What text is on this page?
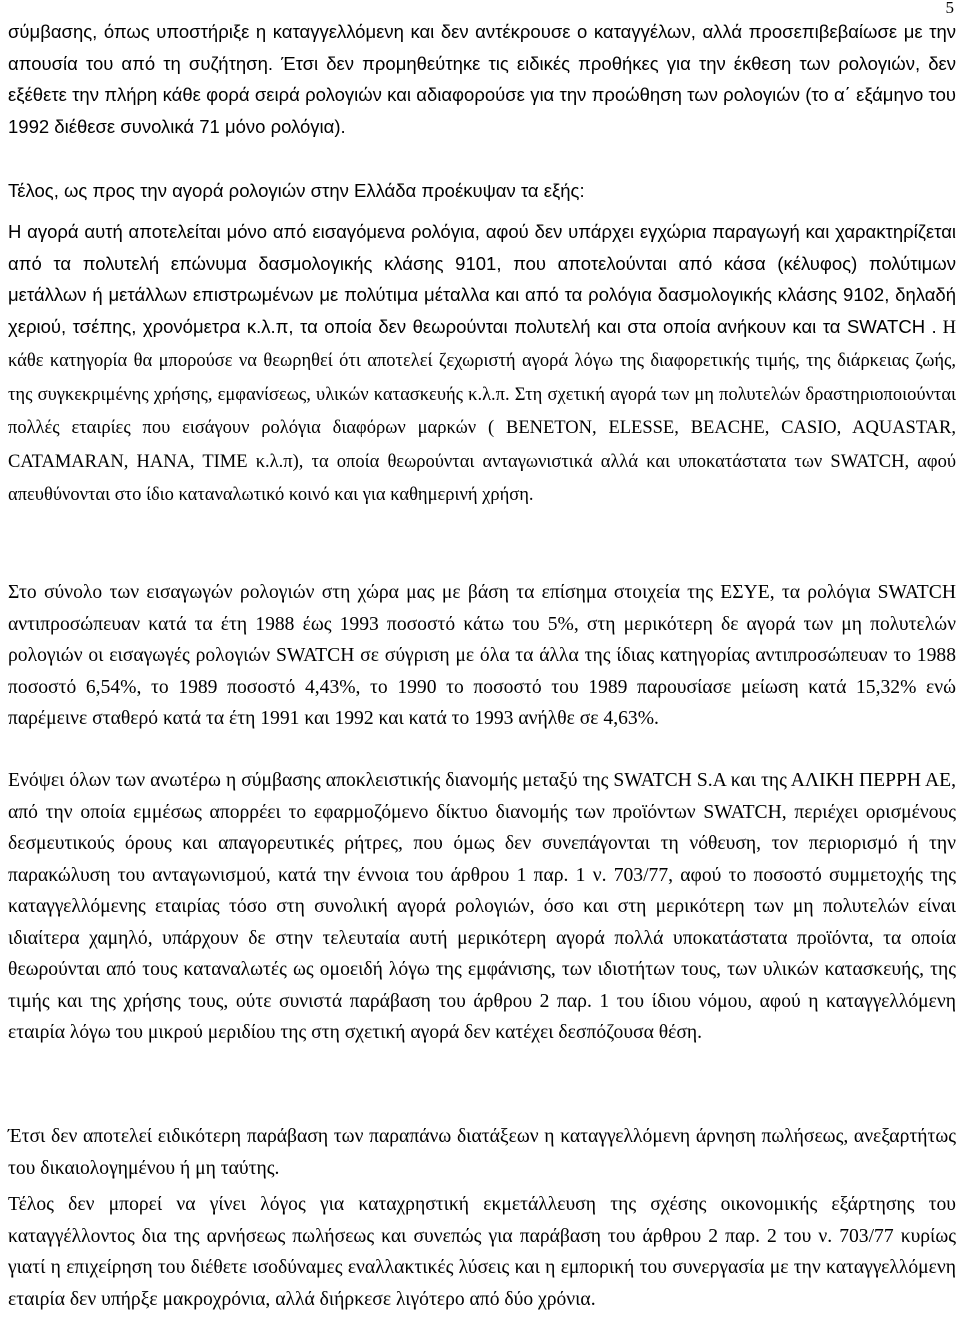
5

σύμβασης, όπως υποστήριξε η καταγγελλόμενη και δεν αντέκρουσε ο καταγγέλων, αλλά προσεπιβεβαίωσε με την απουσία του από τη συζήτηση. Έτσι δεν προμηθεύτηκε τις ειδικές προθήκες για την έκθεση των ρολογιών, δεν εξέθετε την πλήρη κάθε φορά σειρά ρολογιών και αδιαφορούσε για την προώθηση των ρολογιών (το α΄ εξάμηνο του 1992 διέθεσε συνολικά 71 μόνο ρολόγια).

Τέλος, ως προς την αγορά ρολογιών στην Ελλάδα προέκυψαν τα εξής:

Η αγορά αυτή αποτελείται μόνο από εισαγόμενα ρολόγια, αφού δεν υπάρχει εγχώρια παραγωγή και χαρακτηρίζεται από τα πολυτελή επώνυμα δασμολογικής κλάσης 9101, που αποτελούνται από κάσα (κέλυφος) πολύτιμων μετάλλων ή μετάλλων επιστρωμένων με πολύτιμα μέταλλα και από τα ρολόγια δασμολογικής κλάσης 9102, δηλαδή χεριού, τσέπης, χρονόμετρα κ.λ.π, τα οποία δεν θεωρούνται πολυτελή και στα οποία ανήκουν και τα SWATCH . Η κάθε κατηγορία θα μπορούσε να θεωρηθεί ότι αποτελεί ζεχωριστή αγορά λόγω της διαφορετικής τιμής, της διάρκειας ζωής, της συγκεκριμένης χρήσης, εμφανίσεως, υλικών κατασκευής κ.λ.π. Στη σχετική αγορά των μη πολυτελών δραστηριοποιούνται πολλές εταιρίες που εισάγουν ρολόγια διαφόρων μαρκών ( BENETON, ELESSE, BEACHE, CASIO, AQUASTAR, CATAMARAN, HANA, TIME κ.λ.π), τα οποία θεωρούνται ανταγωνιστικά αλλά και υποκατάστατα των SWATCH, αφού απευθύνονται στο ίδιο καταναλωτικό κοινό και για καθημερινή χρήση.

Στο σύνολο των εισαγωγών ρολογιών στη χώρα μας με βάση τα επίσημα στοιχεία της ΕΣΥΕ, τα ρολόγια SWATCH αντιπροσώπευαν κατά τα έτη 1988 έως 1993 ποσοστό κάτω του 5%, στη μερικότερη δε αγορά των μη πολυτελών ρολογιών οι εισαγωγές ρολογιών SWATCH σε σύγριση με όλα τα άλλα της ίδιας κατηγορίας αντιπροσώπευαν το 1988 ποσοστό 6,54%, το 1989 ποσοστό 4,43%, το 1990 το ποσοστό του 1989 παρουσίασε μείωση κατά 15,32% ενώ παρέμεινε σταθερό κατά τα έτη 1991 και 1992 και κατά το 1993 ανήλθε σε 4,63%.

Ενόψει όλων των ανωτέρω η σύμβασης αποκλειστικής διανομής μεταξύ της SWATCH S.A και της ΑΛΙΚΗ ΠΕΡΡΗ ΑΕ, από την οποία εμμέσως απορρέει το εφαρμοζόμενο δίκτυο διανομής των προϊόντων SWATCH, περιέχει ορισμένους δεσμευτικούς όρους και απαγορευτικές ρήτρες, που όμως δεν συνεπάγονται τη νόθευση, τον περιορισμό ή την παρακώλυση του ανταγωνισμού, κατά την έννοια του άρθρου 1 παρ. 1 ν. 703/77, αφού το ποσοστό συμμετοχής της καταγγελλόμενης εταιρίας τόσο στη συνολική αγορά ρολογιών, όσο και στη μερικότερη των μη πολυτελών είναι ιδιαίτερα χαμηλό, υπάρχουν δε στην τελευταία αυτή μερικότερη αγορά πολλά υποκατάστατα προϊόντα, τα οποία θεωρούνται από τους καταναλωτές ως ομοειδή λόγω της εμφάνισης, των ιδιοτήτων τους, των υλικών κατασκευής, της τιμής και της χρήσης τους, ούτε συνιστά παράβαση του άρθρου 2 παρ. 1 του ίδιου νόμου, αφού η καταγγελλόμενη εταιρία λόγω του μικρού μεριδίου της στη σχετική αγορά δεν κατέχει δεσπόζουσα θέση.

Έτσι δεν αποτελεί ειδικότερη παράβαση των παραπάνω διατάξεων η καταγγελλόμενη άρνηση πωλήσεως, ανεξαρτήτως του δικαιολογημένου ή μη ταύτης.

Τέλος δεν μπορεί να γίνει λόγος για καταχρηστική εκμετάλλευση της σχέσης οικονομικής εξάρτησης του καταγγέλλοντος δια της αρνήσεως πωλήσεως και συνεπώς για παράβαση του άρθρου 2 παρ. 2 του ν. 703/77 κυρίως γιατί η επιχείρηση του διέθετε ισοδύναμες εναλλακτικές λύσεις και η εμπορική του συνεργασία με την καταγγελλόμενη εταιρία δεν υπήρξε μακροχρόνια, αλλά διήρκεσε λιγότερο από δύο χρόνια.
